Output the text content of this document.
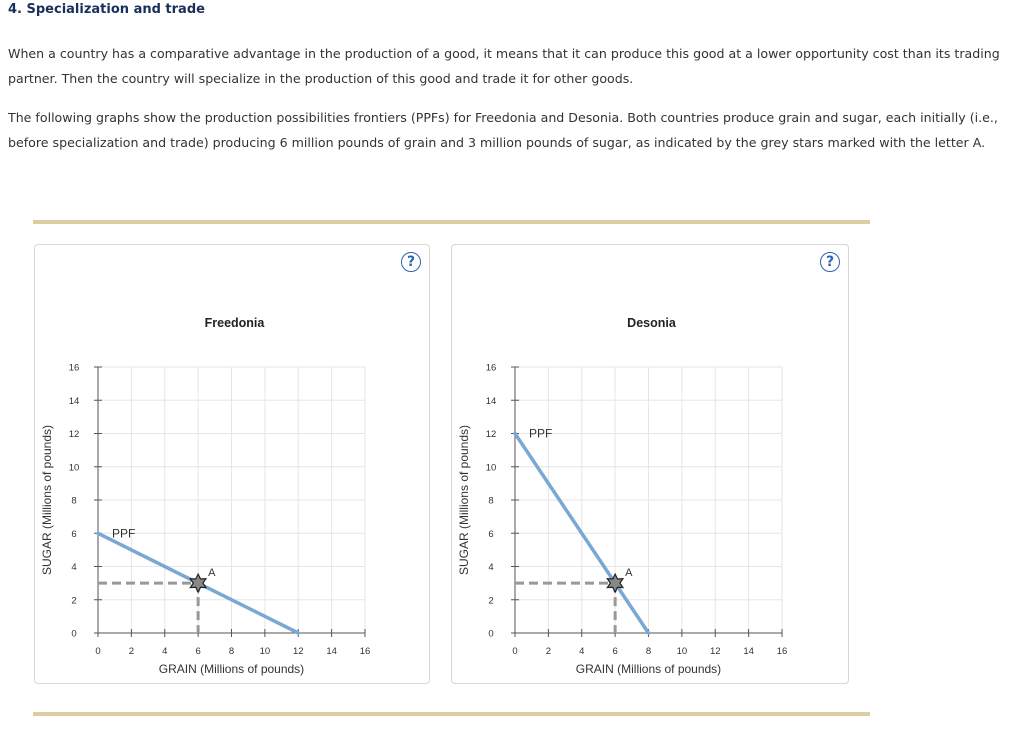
4. Specialization and trade
When a country has a comparative advantage in the production of a good, it means that it can produce this good at a lower opportunity cost than its trading partner. Then the country will specialize in the production of this good and trade it for other goods.
The following graphs show the production possibilities frontiers (PPFs) for Freedonia and Desonia. Both countries produce grain and sugar, each initially (i.e., before specialization and trade) producing 6 million pounds of grain and 3 million pounds of sugar, as indicated by the grey stars marked with the letter A.
?
Freedonia
0	2	4	6	8	10 12 14 16
0
2
4
6
8
10
12
14
16
GRAIN (Millions of pounds)
SUGAR (Millions of pounds)	PPF
A
?
Desonia
0	2	4	6	8	10 12 14 16
0
2
4
6
8
10
12
14
16
GRAIN (Millions of pounds)
SUGAR (Millions of pounds)	PPF
A
